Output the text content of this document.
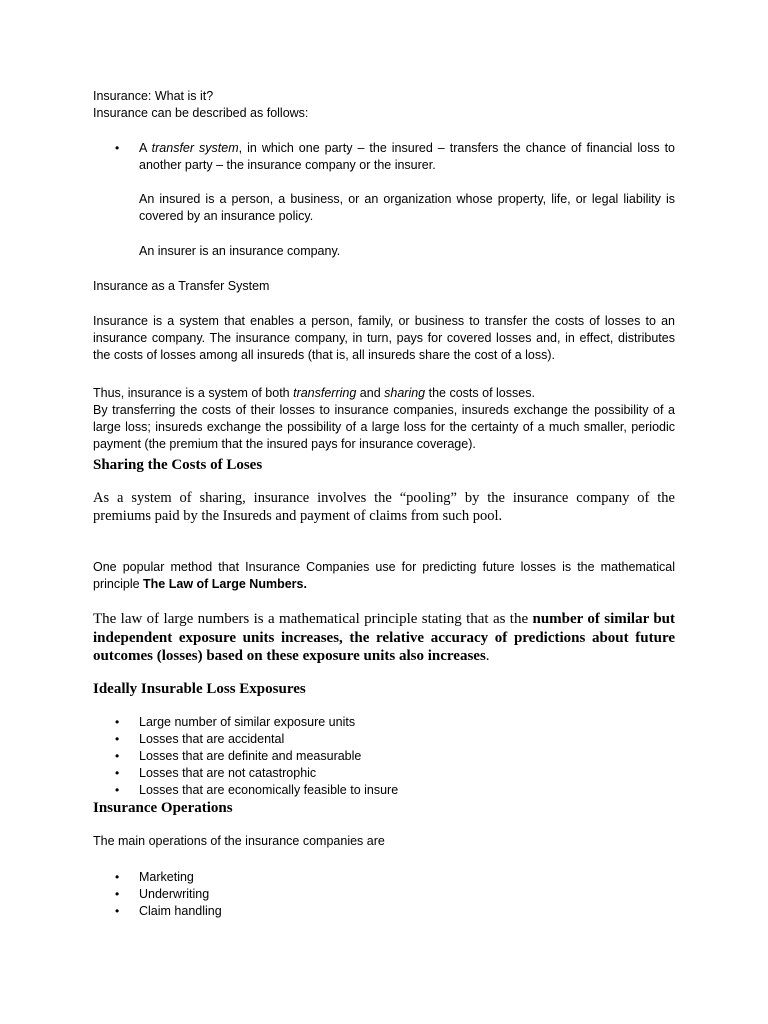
Insurance: What is it?

Insurance can be described as follows:

• A transfer system, in which one party – the insured – transfers the chance of financial loss to another party – the insurance company or the insurer.

An insured is a person, a business, or an organization whose property, life, or legal liability is covered by an insurance policy.

An insurer is an insurance company.

Insurance as a Transfer System

Insurance is a system that enables a person, family, or business to transfer the costs of losses to an insurance company. The insurance company, in turn, pays for covered losses and, in effect, distributes the costs of losses among all insureds (that is, all insureds share the cost of a loss).

Thus, insurance is a system of both transferring and sharing the costs of losses.

By transferring the costs of their losses to insurance companies, insureds exchange the possibility of a large loss; insureds exchange the possibility of a large loss for the certainty of a much smaller, periodic payment (the premium that the insured pays for insurance coverage).

Sharing the Costs of Loses

As a system of sharing, insurance involves the “pooling” by the insurance company of the premiums paid by the Insureds and payment of claims from such pool.

One popular method that Insurance Companies use for predicting future losses is the mathematical principle The Law of Large Numbers.

The law of large numbers is a mathematical principle stating that as the number of similar but independent exposure units increases, the relative accuracy of predictions about future outcomes (losses) based on these exposure units also increases.

Ideally Insurable Loss Exposures
• Large number of similar exposure units
• Losses that are accidental
• Losses that are definite and measurable
• Losses that are not catastrophic
• Losses that are economically feasible to insure
Insurance Operations

The main operations of the insurance companies are

• Marketing
• Underwriting
• Claim handling
